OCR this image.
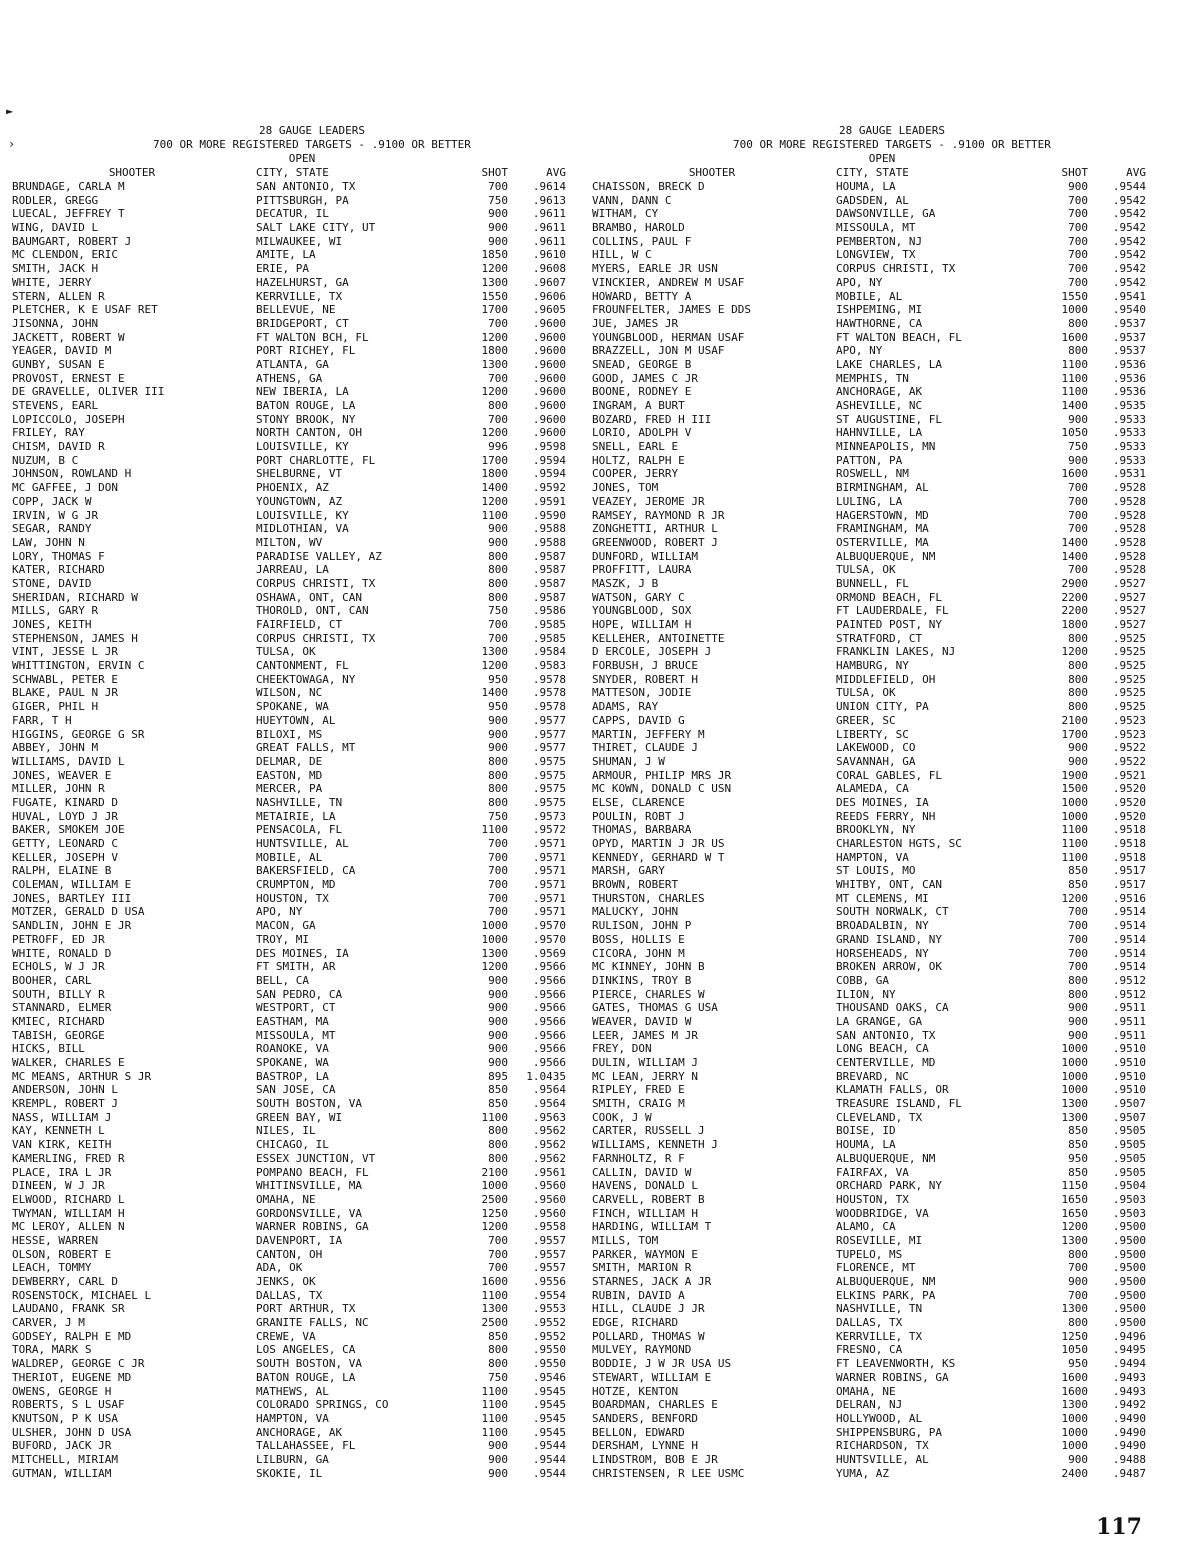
28 GAUGE LEADERS
700 OR MORE REGISTERED TARGETS - .9100 OR BETTER
OPEN
SHOOTER	CITY, STATE	SHOT	AVG
BRUNDAGE, CARLA M	SAN ANTONIO, TX	700	.9614
RODLER, GREGG	PITTSBURGH, PA	750	.9613
LUECAL, JEFFREY T	DECATUR, IL	900	.9611
WING, DAVID L	SALT LAKE CITY, UT	900	.9611
BAUMGART, ROBERT J	MILWAUKEE, WI	900	.9611
MC CLENDON, ERIC	AMITE, LA	1850	.9610
SMITH, JACK H	ERIE, PA	1200	.9608
WHITE, JERRY	HAZELHURST, GA	1300	.9607
STERN, ALLEN R	KERRVILLE, TX	1550	.9606
PLETCHER, K E USAF RET	BELLEVUE, NE	1700	.9605
JISONNA, JOHN	BRIDGEPORT, CT	700	.9600
JACKETT, ROBERT W	FT WALTON BCH, FL	1200	.9600
YEAGER, DAVID M	PORT RICHEY, FL	1800	.9600
GUNBY, SUSAN E	ATLANTA, GA	1300	.9600
PROVOST, ERNEST E	ATHENS, GA	700	.9600
DE GRAVELLE, OLIVER III	NEW IBERIA, LA	1200	.9600
STEVENS, EARL	BATON ROUGE, LA	800	.9600
LOPICCOLO, JOSEPH	STONY BROOK, NY	700	.9600
FRILEY, RAY	NORTH CANTON, OH	1200	.9600
CHISM, DAVID R	LOUISVILLE, KY	996	.9598
NUZUM, B C	PORT CHARLOTTE, FL	1700	.9594
JOHNSON, ROWLAND H	SHELBURNE, VT	1800	.9594
MC GAFFEE, J DON	PHOENIX, AZ	1400	.9592
COPP, JACK W	YOUNGTOWN, AZ	1200	.9591
IRVIN, W G JR	LOUISVILLE, KY	1100	.9590
SEGAR, RANDY	MIDLOTHIAN, VA	900	.9588
LAW, JOHN N	MILTON, WV	900	.9588
LORY, THOMAS F	PARADISE VALLEY, AZ	800	.9587
KATER, RICHARD	JARREAU, LA	800	.9587
STONE, DAVID	CORPUS CHRISTI, TX	800	.9587
SHERIDAN, RICHARD W	OSHAWA, ONT, CAN	800	.9587
MILLS, GARY R	THOROLD, ONT, CAN	750	.9586
JONES, KEITH	FAIRFIELD, CT	700	.9585
STEPHENSON, JAMES H	CORPUS CHRISTI, TX	700	.9585
VINT, JESSE L JR	TULSA, OK	1300	.9584
WHITTINGTON, ERVIN C	CANTONMENT, FL	1200	.9583
SCHWABL, PETER E	CHEEKTOWAGA, NY	950	.9578
BLAKE, PAUL N JR	WILSON, NC	1400	.9578
GIGER, PHIL H	SPOKANE, WA	950	.9578
FARR, T H	HUEYTOWN, AL	900	.9577
HIGGINS, GEORGE G SR	BILOXI, MS	900	.9577
ABBEY, JOHN M	GREAT FALLS, MT	900	.9577
WILLIAMS, DAVID L	DELMAR, DE	800	.9575
JONES, WEAVER E	EASTON, MD	800	.9575
MILLER, JOHN R	MERCER, PA	800	.9575
FUGATE, KINARD D	NASHVILLE, TN	800	.9575
HUVAL, LOYD J JR	METAIRIE, LA	750	.9573
BAKER, SMOKEM JOE	PENSACOLA, FL	1100	.9572
GETTY, LEONARD C	HUNTSVILLE, AL	700	.9571
KELLER, JOSEPH V	MOBILE, AL	700	.9571
RALPH, ELAINE B	BAKERSFIELD, CA	700	.9571
COLEMAN, WILLIAM E	CRUMPTON, MD	700	.9571
JONES, BARTLEY III	HOUSTON, TX	700	.9571
MOTZER, GERALD D USA	APO, NY	700	.9571
SANDLIN, JOHN E JR	MACON, GA	1000	.9570
PETROFF, ED JR	TROY, MI	1000	.9570
WHITE, RONALD D	DES MOINES, IA	1300	.9569
ECHOLS, W J JR	FT SMITH, AR	1200	.9566
BOOHER, CARL	BELL, CA	900	.9566
SOUTH, BILLY R	SAN PEDRO, CA	900	.9566
STANNARD, ELMER	WESTPORT, CT	900	.9566
KMIEC, RICHARD	EASTHAM, MA	900	.9566
TABISH, GEORGE	MISSOULA, MT	900	.9566
HICKS, BILL	ROANOKE, VA	900	.9566
WALKER, CHARLES E	SPOKANE, WA	900	.9566
MC MEANS, ARTHUR S JR	BASTROP, LA	895	1.0435
ANDERSON, JOHN L	SAN JOSE, CA	850	.9564
KREMPL, ROBERT J	SOUTH BOSTON, VA	850	.9564
NASS, WILLIAM J	GREEN BAY, WI	1100	.9563
KAY, KENNETH L	NILES, IL	800	.9562
VAN KIRK, KEITH	CHICAGO, IL	800	.9562
KAMERLING, FRED R	ESSEX JUNCTION, VT	800	.9562
PLACE, IRA L JR	POMPANO BEACH, FL	2100	.9561
DINEEN, W J JR	WHITINSVILLE, MA	1000	.9560
ELWOOD, RICHARD L	OMAHA, NE	2500	.9560
TWYMAN, WILLIAM H	GORDONSVILLE, VA	1250	.9560
MC LEROY, ALLEN N	WARNER ROBINS, GA	1200	.9558
HESSE, WARREN	DAVENPORT, IA	700	.9557
OLSON, ROBERT E	CANTON, OH	700	.9557
LEACH, TOMMY	ADA, OK	700	.9557
DEWBERRY, CARL D	JENKS, OK	1600	.9556
ROSENSTOCK, MICHAEL L	DALLAS, TX	1100	.9554
LAUDANO, FRANK SR	PORT ARTHUR, TX	1300	.9553
CARVER, J M	GRANITE FALLS, NC	2500	.9552
GODSEY, RALPH E MD	CREWE, VA	850	.9552
TORA, MARK S	LOS ANGELES, CA	800	.9550
WALDREP, GEORGE C JR	SOUTH BOSTON, VA	800	.9550
THERIOT, EUGENE MD	BATON ROUGE, LA	750	.9546
OWENS, GEORGE H	MATHEWS, AL	1100	.9545
ROBERTS, S L USAF	COLORADO SPRINGS, CO	1100	.9545
KNUTSON, P K USA	HAMPTON, VA	1100	.9545
ULSHER, JOHN D USA	ANCHORAGE, AK	1100	.9545
BUFORD, JACK JR	TALLAHASSEE, FL	900	.9544
MITCHELL, MIRIAM	LILBURN, GA	900	.9544
GUTMAN, WILLIAM	SKOKIE, IL	900	.9544
28 GAUGE LEADERS
700 OR MORE REGISTERED TARGETS - .9100 OR BETTER
OPEN
SHOOTER	CITY, STATE	SHOT	AVG
CHAISSON, BRECK D	HOUMA, LA	900	.9544
VANN, DANN C	GADSDEN, AL	700	.9542
WITHAM, CY	DAWSONVILLE, GA	700	.9542
BRAMBO, HAROLD	MISSOULA, MT	700	.9542
COLLINS, PAUL F	PEMBERTON, NJ	700	.9542
HILL, W C	LONGVIEW, TX	700	.9542
MYERS, EARLE JR USN	CORPUS CHRISTI, TX	700	.9542
VINCKIER, ANDREW M USAF	APO, NY	700	.9542
HOWARD, BETTY A	MOBILE, AL	1550	.9541
FROUNFELTER, JAMES E DDS	ISHPEMING, MI	1000	.9540
JUE, JAMES JR	HAWTHORNE, CA	800	.9537
YOUNGBLOOD, HERMAN USAF	FT WALTON BEACH, FL	1600	.9537
BRAZZELL, JON M USAF	APO, NY	800	.9537
SNEAD, GEORGE B	LAKE CHARLES, LA	1100	.9536
GOOD, JAMES C JR	MEMPHIS, TN	1100	.9536
BOONE, RODNEY E	ANCHORAGE, AK	1100	.9536
INGRAM, A BURT	ASHEVILLE, NC	1400	.9535
BOZARD, FRED H III	ST AUGUSTINE, FL	900	.9533
LORIO, ADOLPH V	HAHNVILLE, LA	1050	.9533
SNELL, EARL E	MINNEAPOLIS, MN	750	.9533
HOLTZ, RALPH E	PATTON, PA	900	.9533
COOPER, JERRY	ROSWELL, NM	1600	.9531
JONES, TOM	BIRMINGHAM, AL	700	.9528
VEAZEY, JEROME JR	LULING, LA	700	.9528
RAMSEY, RAYMOND R JR	HAGERSTOWN, MD	700	.9528
ZONGHETTI, ARTHUR L	FRAMINGHAM, MA	700	.9528
GREENWOOD, ROBERT J	OSTERVILLE, MA	1400	.9528
DUNFORD, WILLIAM	ALBUQUERQUE, NM	1400	.9528
PROFFITT, LAURA	TULSA, OK	700	.9528
MASZK, J B	BUNNELL, FL	2900	.9527
WATSON, GARY C	ORMOND BEACH, FL	2200	.9527
YOUNGBLOOD, SOX	FT LAUDERDALE, FL	2200	.9527
HOPE, WILLIAM H	PAINTED POST, NY	1800	.9527
KELLEHER, ANTOINETTE	STRATFORD, CT	800	.9525
D ERCOLE, JOSEPH J	FRANKLIN LAKES, NJ	1200	.9525
FORBUSH, J BRUCE	HAMBURG, NY	800	.9525
SNYDER, ROBERT H	MIDDLEFIELD, OH	800	.9525
MATTESON, JODIE	TULSA, OK	800	.9525
ADAMS, RAY	UNION CITY, PA	800	.9525
CAPPS, DAVID G	GREER, SC	2100	.9523
MARTIN, JEFFERY M	LIBERTY, SC	1700	.9523
THIRET, CLAUDE J	LAKEWOOD, CO	900	.9522
SHUMAN, J W	SAVANNAH, GA	900	.9522
ARMOUR, PHILIP MRS JR	CORAL GABLES, FL	1900	.9521
MC KOWN, DONALD C USN	ALAMEDA, CA	1500	.9520
ELSE, CLARENCE	DES MOINES, IA	1000	.9520
POULIN, ROBT J	REEDS FERRY, NH	1000	.9520
THOMAS, BARBARA	BROOKLYN, NY	1100	.9518
OPYD, MARTIN J JR US	CHARLESTON HGTS, SC	1100	.9518
KENNEDY, GERHARD W T	HAMPTON, VA	1100	.9518
MARSH, GARY	ST LOUIS, MO	850	.9517
BROWN, ROBERT	WHITBY, ONT, CAN	850	.9517
THURSTON, CHARLES	MT CLEMENS, MI	1200	.9516
MALUCKY, JOHN	SOUTH NORWALK, CT	700	.9514
RULISON, JOHN P	BROADALBIN, NY	700	.9514
BOSS, HOLLIS E	GRAND ISLAND, NY	700	.9514
CICORA, JOHN M	HORSEHEADS, NY	700	.9514
MC KINNEY, JOHN B	BROKEN ARROW, OK	700	.9514
DINKINS, TROY B	COBB, GA	800	.9512
PIERCE, CHARLES W	ILION, NY	800	.9512
GATES, THOMAS G USA	THOUSAND OAKS, CA	900	.9511
WEAVER, DAVID W	LA GRANGE, GA	900	.9511
LEER, JAMES M JR	SAN ANTONIO, TX	900	.9511
FREY, DON	LONG BEACH, CA	1000	.9510
DULIN, WILLIAM J	CENTERVILLE, MD	1000	.9510
MC LEAN, JERRY N	BREVARD, NC	1000	.9510
RIPLEY, FRED E	KLAMATH FALLS, OR	1000	.9510
SMITH, CRAIG M	TREASURE ISLAND, FL	1300	.9507
COOK, J W	CLEVELAND, TX	1300	.9507
CARTER, RUSSELL J	BOISE, ID	850	.9505
WILLIAMS, KENNETH J	HOUMA, LA	850	.9505
FARNHOLTZ, R F	ALBUQUERQUE, NM	950	.9505
CALLIN, DAVID W	FAIRFAX, VA	850	.9505
HAVENS, DONALD L	ORCHARD PARK, NY	1150	.9504
CARVELL, ROBERT B	HOUSTON, TX	1650	.9503
FINCH, WILLIAM H	WOODBRIDGE, VA	1650	.9503
HARDING, WILLIAM T	ALAMO, CA	1200	.9500
MILLS, TOM	ROSEVILLE, MI	1300	.9500
PARKER, WAYMON E	TUPELO, MS	800	.9500
SMITH, MARION R	FLORENCE, MT	700	.9500
STARNES, JACK A JR	ALBUQUERQUE, NM	900	.9500
RUBIN, DAVID A	ELKINS PARK, PA	700	.9500
HILL, CLAUDE J JR	NASHVILLE, TN	1300	.9500
EDGE, RICHARD	DALLAS, TX	800	.9500
POLLARD, THOMAS W	KERRVILLE, TX	1250	.9496
MULVEY, RAYMOND	FRESNO, CA	1050	.9495
BODDIE, J W JR USA US	FT LEAVENWORTH, KS	950	.9494
STEWART, WILLIAM E	WARNER ROBINS, GA	1600	.9493
HOTZE, KENTON	OMAHA, NE	1600	.9493
BOARDMAN, CHARLES E	DELRAN, NJ	1300	.9492
SANDERS, BENFORD	HOLLYWOOD, AL	1000	.9490
BELLON, EDWARD	SHIPPENSBURG, PA	1000	.9490
DERSHAM, LYNNE H	RICHARDSON, TX	1000	.9490
LINDSTROM, BOB E JR	HUNTSVILLE, AL	900	.9488
CHRISTENSEN, R LEE USMC	YUMA, AZ	2400	.9487
►
›
117
